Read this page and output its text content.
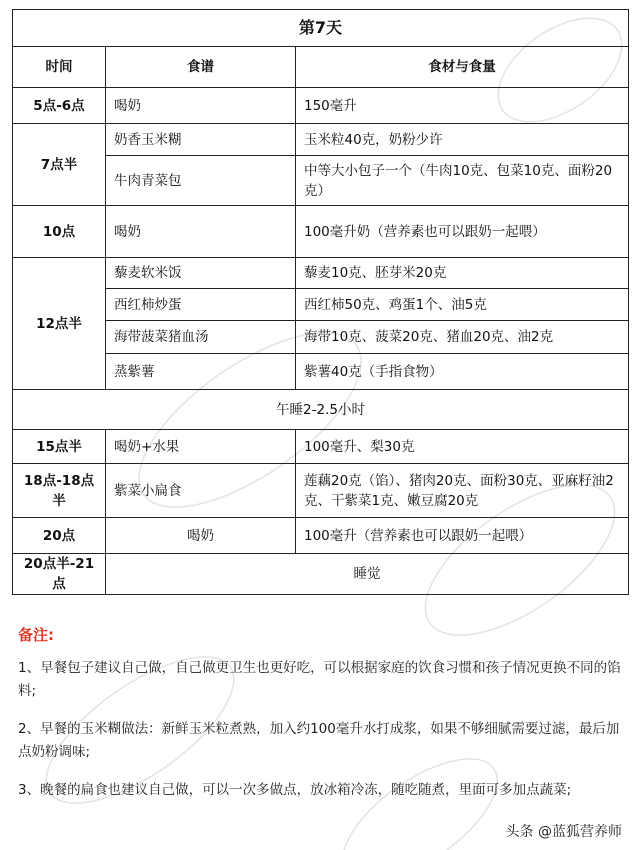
第7天		
时间	食谱	食材与食量
5点-6点	喝奶	150毫升
7点半	奶香玉米糊	玉米粒40克，奶粉少许
	牛肉青菜包	中等大小包子一个（牛肉10克、包菜10克、面粉20克）
10点	喝奶	100毫升奶（营养素也可以跟奶一起喂）
12点半	藜麦软米饭	藜麦10克、胚芽米20克
	西红柿炒蛋	西红柿50克、鸡蛋1个、油5克
	海带菠菜猪血汤	海带10克、菠菜20克、猪血20克、油2克
	蒸紫薯	紫薯40克（手指食物）
午睡2-2.5小时		
15点半	喝奶+水果	100毫升、梨30克
18点-18点半	紫菜小扁食	莲藕20克（馅）、猪肉20克、面粉30克、亚麻籽油2克、干紫菜1克、嫩豆腐20克
20点	喝奶	100毫升（营养素也可以跟奶一起喂）
20点半-21点	睡觉	
备注:

1、早餐包子建议自己做，自己做更卫生也更好吃，可以根据家庭的饮食习惯和孩子情况更换不同的馅料;

2、早餐的玉米糊做法：新鲜玉米粒煮熟，加入约100毫升水打成浆，如果不够细腻需要过滤，最后加点奶粉调味;

3、晚餐的扁食也建议自己做，可以一次多做点，放冰箱冷冻，随吃随煮，里面可多加点蔬菜;

头条 @蓝狐营养师
